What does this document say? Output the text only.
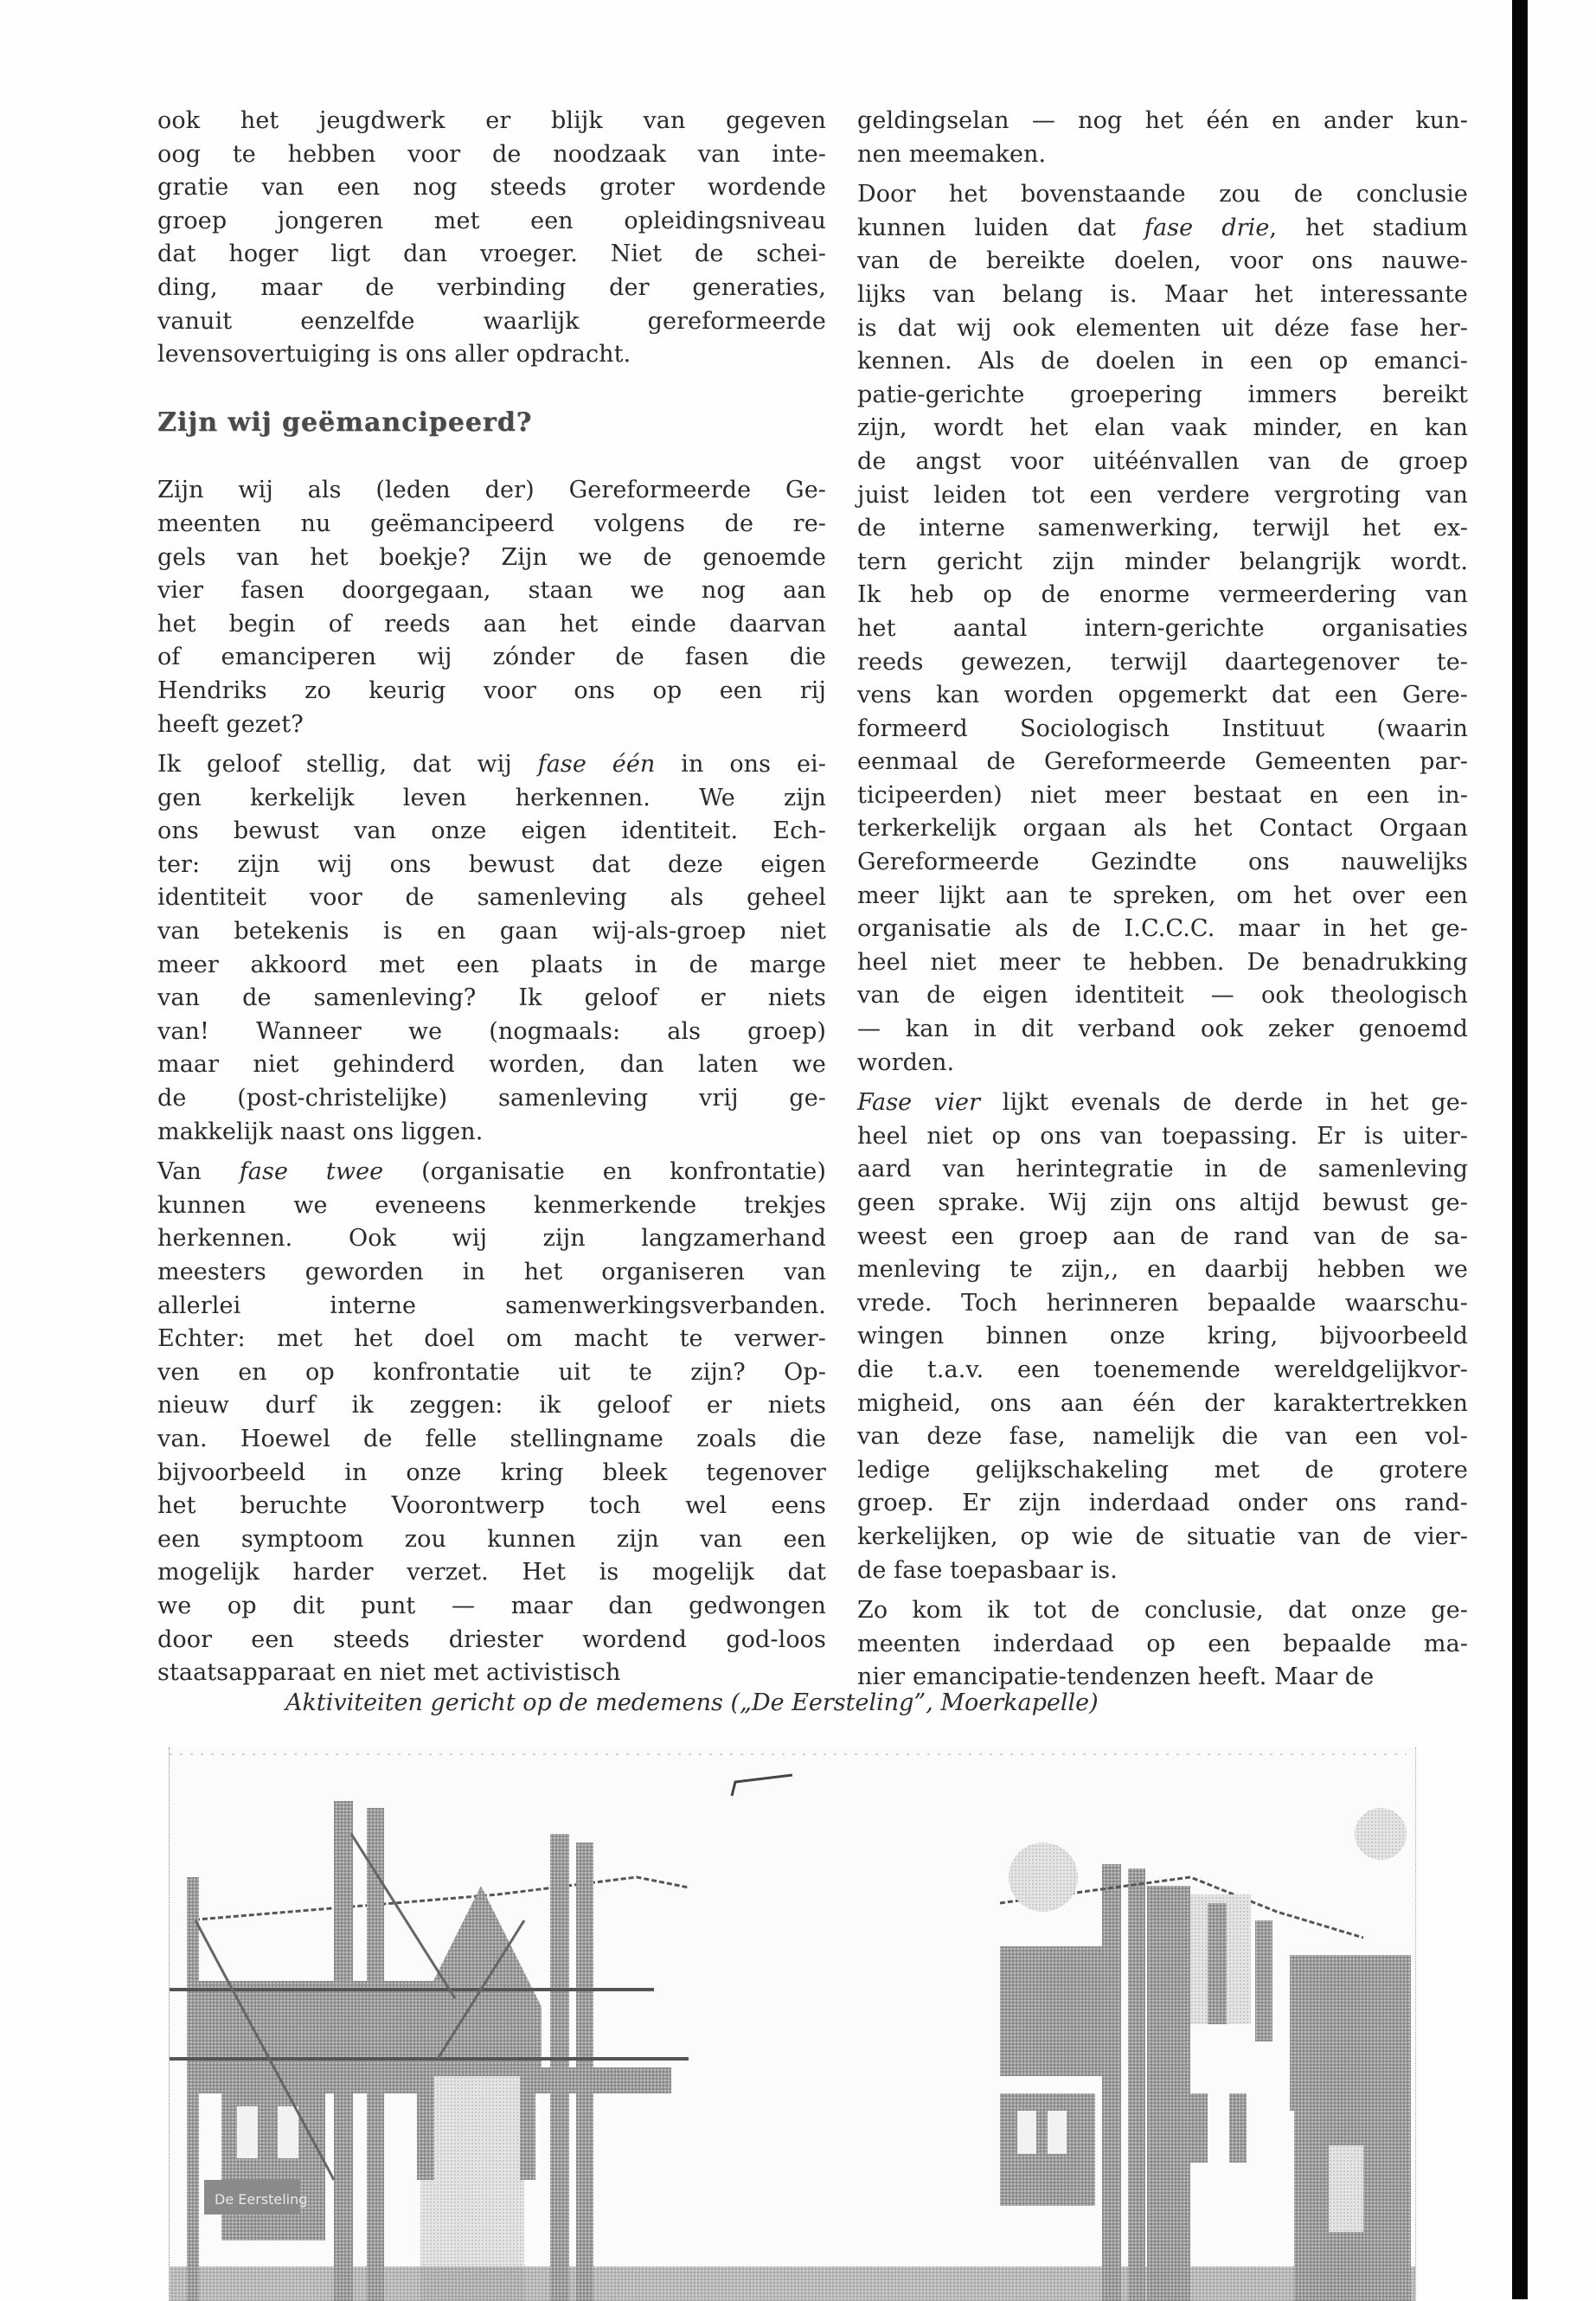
ook het jeugdwerk er blijk van gegeven
oog te hebben voor de noodzaak van inte-
gratie van een nog steeds groter wordende
groep jongeren met een opleidingsniveau
dat hoger ligt dan vroeger. Niet de schei-
ding, maar de verbinding der generaties,
vanuit eenzelfde waarlijk gereformeerde
levensovertuiging is ons aller opdracht.
Zijn wij geëmancipeerd?
Zijn wij als (leden der) Gereformeerde Ge-
meenten nu geëmancipeerd volgens de re-
gels van het boekje? Zijn we de genoemde
vier fasen doorgegaan, staan we nog aan
het begin of reeds aan het einde daarvan
of emanciperen wij zónder de fasen die
Hendriks zo keurig voor ons op een rij
heeft gezet?
Ik geloof stellig, dat wij fase één in ons ei-
gen kerkelijk leven herkennen. We zijn
ons bewust van onze eigen identiteit. Ech-
ter: zijn wij ons bewust dat deze eigen
identiteit voor de samenleving als geheel
van betekenis is en gaan wij-als-groep niet
meer akkoord met een plaats in de marge
van de samenleving? Ik geloof er niets
van! Wanneer we (nogmaals: als groep)
maar niet gehinderd worden, dan laten we
de (post-christelijke) samenleving vrij ge-
makkelijk naast ons liggen.
Van fase twee (organisatie en konfrontatie)
kunnen we eveneens kenmerkende trekjes
herkennen. Ook wij zijn langzamerhand
meesters geworden in het organiseren van
allerlei interne samenwerkingsverbanden.
Echter: met het doel om macht te verwer-
ven en op konfrontatie uit te zijn? Op-
nieuw durf ik zeggen: ik geloof er niets
van. Hoewel de felle stellingname zoals die
bijvoorbeeld in onze kring bleek tegenover
het beruchte Voorontwerp toch wel eens
een symptoom zou kunnen zijn van een
mogelijk harder verzet. Het is mogelijk dat
we op dit punt — maar dan gedwongen
door een steeds driester wordend god-loos
staatsapparaat en niet met activistisch
geldingselan — nog het één en ander kun-
nen meemaken.
Door het bovenstaande zou de conclusie
kunnen luiden dat fase drie, het stadium
van de bereikte doelen, voor ons nauwe-
lijks van belang is. Maar het interessante
is dat wij ook elementen uit déze fase her-
kennen. Als de doelen in een op emanci-
patie-gerichte groepering immers bereikt
zijn, wordt het elan vaak minder, en kan
de angst voor uitéénvallen van de groep
juist leiden tot een verdere vergroting van
de interne samenwerking, terwijl het ex-
tern gericht zijn minder belangrijk wordt.
Ik heb op de enorme vermeerdering van
het aantal intern-gerichte organisaties
reeds gewezen, terwijl daartegenover te-
vens kan worden opgemerkt dat een Gere-
formeerd Sociologisch Instituut (waarin
eenmaal de Gereformeerde Gemeenten par-
ticipeerden) niet meer bestaat en een in-
terkerkelijk orgaan als het Contact Orgaan
Gereformeerde Gezindte ons nauwelijks
meer lijkt aan te spreken, om het over een
organisatie als de I.C.C.C. maar in het ge-
heel niet meer te hebben. De benadrukking
van de eigen identiteit — ook theologisch
— kan in dit verband ook zeker genoemd
worden.
Fase vier lijkt evenals de derde in het ge-
heel niet op ons van toepassing. Er is uiter-
aard van herintegratie in de samenleving
geen sprake. Wij zijn ons altijd bewust ge-
weest een groep aan de rand van de sa-
menleving te zijn,, en daarbij hebben we
vrede. Toch herinneren bepaalde waarschu-
wingen binnen onze kring, bijvoorbeeld
die t.a.v. een toenemende wereldgelijkvor-
migheid, ons aan één der karaktertrekken
van deze fase, namelijk die van een vol-
ledige gelijkschakeling met de grotere
groep. Er zijn inderdaad onder ons rand-
kerkelijken, op wie de situatie van de vier-
de fase toepasbaar is.
Zo kom ik tot de conclusie, dat onze ge-
meenten inderdaad op een bepaalde ma-
nier emancipatie-tendenzen heeft. Maar de
Aktiviteiten gericht op de medemens („De Eersteling”, Moerkapelle)
De Eersteling
